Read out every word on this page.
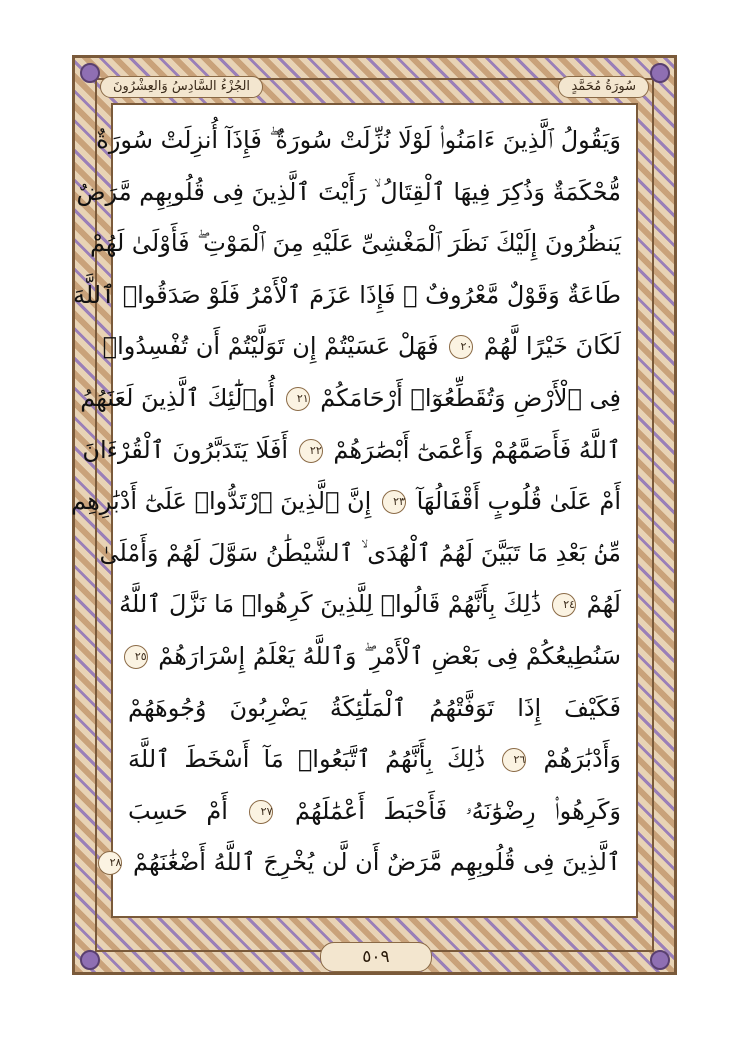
الجُزْءُ السَّادِسُ وَالعِشْرُونَ	سُورَةُ مُحَمَّدٍ
وَيَقُولُ ٱلَّذِينَ ءَامَنُوا۟ لَوْلَا نُزِّلَتْ سُورَةٌ ۖ فَإِذَآ أُنزِلَتْ سُورَةٌ
مُّحْكَمَةٌ وَذُكِرَ فِيهَا ٱلْقِتَالُ ۙ رَأَيْتَ ٱلَّذِينَ فِى قُلُوبِهِم مَّرَضٌ
يَنظُرُونَ إِلَيْكَ نَظَرَ ٱلْمَغْشِىِّ عَلَيْهِ مِنَ ٱلْمَوْتِ ۖ فَأَوْلَىٰ لَهُمْ
طَاعَةٌ وَقَوْلٌ مَّعْرُوفٌ ۚ فَإِذَا عَزَمَ ٱلْأَمْرُ فَلَوْ صَدَقُوا۟ ٱللَّهَ
لَكَانَ خَيْرًا لَّهُمْ ٢٠ فَهَلْ عَسَيْتُمْ إِن تَوَلَّيْتُمْ أَن تُفْسِدُوا۟
فِى ٱلْأَرْضِ وَتُقَطِّعُوٓا۟ أَرْحَامَكُمْ ٢١ أُو۟لَٰٓئِكَ ٱلَّذِينَ لَعَنَهُمُ
ٱللَّهُ فَأَصَمَّهُمْ وَأَعْمَىٰٓ أَبْصَٰرَهُمْ ٢٢ أَفَلَا يَتَدَبَّرُونَ ٱلْقُرْءَانَ
أَمْ عَلَىٰ قُلُوبٍ أَقْفَالُهَآ ٢٣ إِنَّ ٱلَّذِينَ ٱرْتَدُّوا۟ عَلَىٰٓ أَدْبَٰرِهِم
مِّنۢ بَعْدِ مَا تَبَيَّنَ لَهُمُ ٱلْهُدَى ۙ ٱلشَّيْطَٰنُ سَوَّلَ لَهُمْ وَأَمْلَىٰ
لَهُمْ ٢٤ ذَٰلِكَ بِأَنَّهُمْ قَالُوا۟ لِلَّذِينَ كَرِهُوا۟ مَا نَزَّلَ ٱللَّهُ
سَنُطِيعُكُمْ فِى بَعْضِ ٱلْأَمْرِ ۖ وَٱللَّهُ يَعْلَمُ إِسْرَارَهُمْ ٢٥
فَكَيْفَ إِذَا تَوَفَّتْهُمُ ٱلْمَلَٰٓئِكَةُ يَضْرِبُونَ وُجُوهَهُمْ
وَأَدْبَٰرَهُمْ ٢٦ ذَٰلِكَ بِأَنَّهُمُ ٱتَّبَعُوا۟ مَآ أَسْخَطَ ٱللَّهَ
وَكَرِهُوا۟ رِضْوَٰنَهُۥ فَأَحْبَطَ أَعْمَٰلَهُمْ ٢٧ أَمْ حَسِبَ
ٱلَّذِينَ فِى قُلُوبِهِم مَّرَضٌ أَن لَّن يُخْرِجَ ٱللَّهُ أَضْغَٰنَهُمْ ٢٨
٥٠٩
